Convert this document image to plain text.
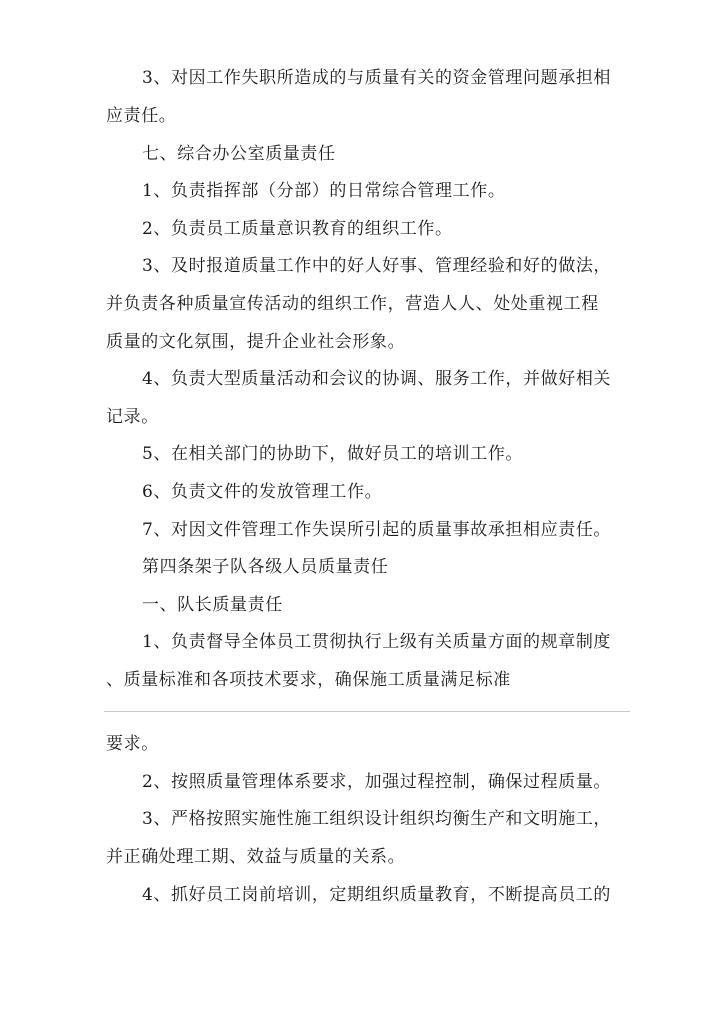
3、对因工作失职所造成的与质量有关的资金管理问题承担相
应责任。
七、综合办公室质量责任
1、负责指挥部（分部）的日常综合管理工作。
2、负责员工质量意识教育的组织工作。
3、及时报道质量工作中的好人好事、管理经验和好的做法，
并负责各种质量宣传活动的组织工作，营造人人、处处重视工程
质量的文化氛围，提升企业社会形象。
4、负责大型质量活动和会议的协调、服务工作，并做好相关
记录。
5、在相关部门的协助下，做好员工的培训工作。
6、负责文件的发放管理工作。
7、对因文件管理工作失误所引起的质量事故承担相应责任。
第四条架子队各级人员质量责任
一、队长质量责任
1、负责督导全体员工贯彻执行上级有关质量方面的规章制度
、质量标准和各项技术要求，确保施工质量满足标准
要求。
2、按照质量管理体系要求，加强过程控制，确保过程质量。
3、严格按照实施性施工组织设计组织均衡生产和文明施工，
并正确处理工期、效益与质量的关系。
4、抓好员工岗前培训，定期组织质量教育，不断提高员工的
